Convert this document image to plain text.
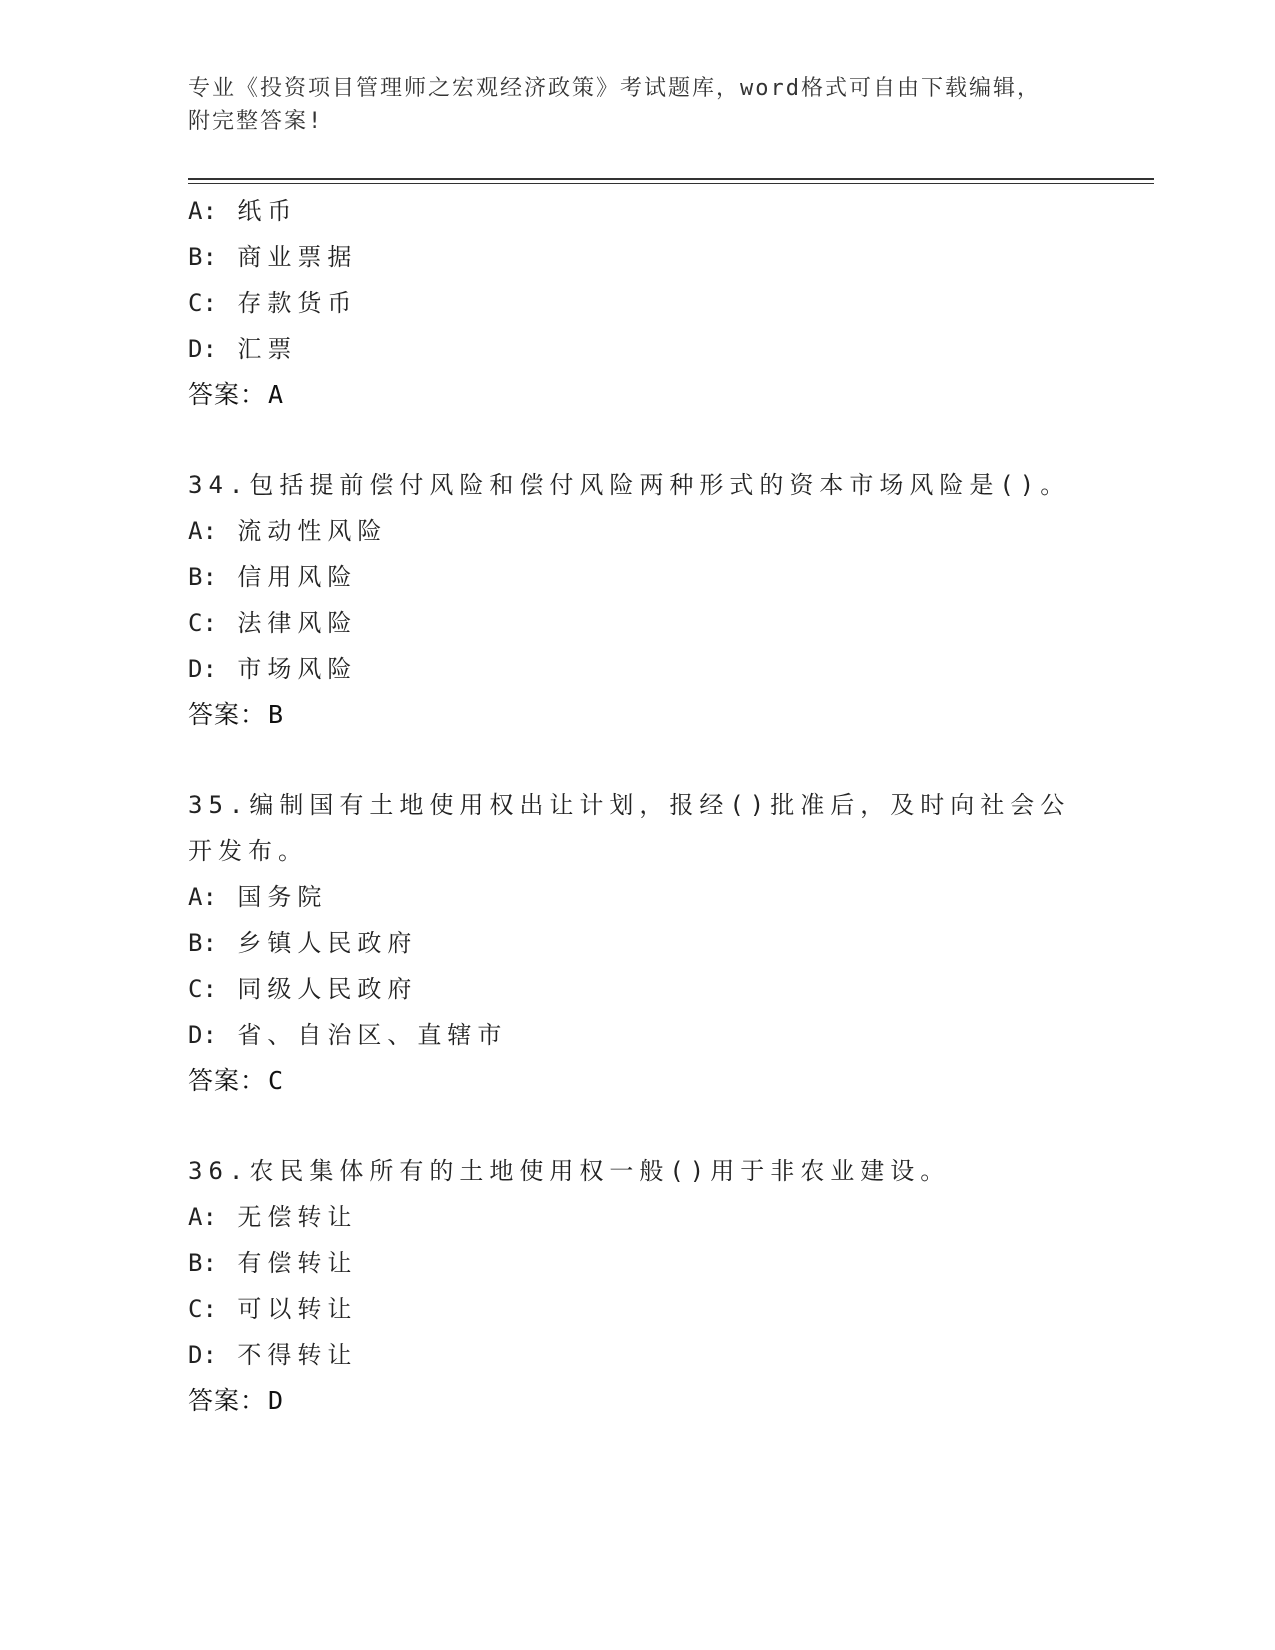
专业《投资项目管理师之宏观经济政策》考试题库，word格式可自由下载编辑，
附完整答案!
A: 纸币
B: 商业票据
C: 存款货币
D: 汇票
答案：A
34.包括提前偿付风险和偿付风险两种形式的资本市场风险是()。
A: 流动性风险
B: 信用风险
C: 法律风险
D: 市场风险
答案：B
35.编制国有土地使用权出让计划，报经()批准后，及时向社会公开发布。
A: 国务院
B: 乡镇人民政府
C: 同级人民政府
D: 省、自治区、直辖市
答案：C
36.农民集体所有的土地使用权一般()用于非农业建设。
A: 无偿转让
B: 有偿转让
C: 可以转让
D: 不得转让
答案：D
